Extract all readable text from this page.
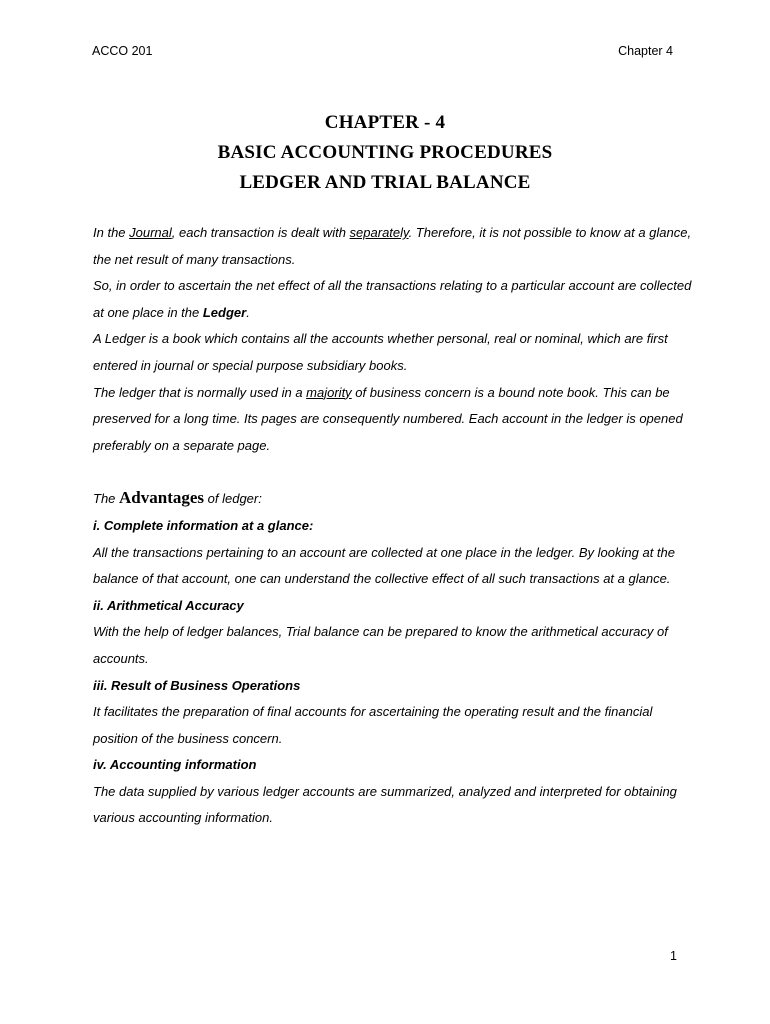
ACCO 201	Chapter 4
CHAPTER - 4
BASIC ACCOUNTING PROCEDURES
LEDGER AND TRIAL BALANCE

In the Journal, each transaction is dealt with separately. Therefore, it is not possible to know at a glance, the net result of many transactions.

So, in order to ascertain the net effect of all the transactions relating to a particular account are collected at one place in the Ledger.

A Ledger is a book which contains all the accounts whether personal, real or nominal, which are first entered in journal or special purpose subsidiary books.

The ledger that is normally used in a majority of business concern is a bound note book. This can be preserved for a long time. Its pages are consequently numbered. Each account in the ledger is opened preferably on a separate page.

The Advantages of ledger:

i. Complete information at a glance:

All the transactions pertaining to an account are collected at one place in the ledger. By looking at the balance of that account, one can understand the collective effect of all such transactions at a glance.

ii. Arithmetical Accuracy

With the help of ledger balances, Trial balance can be prepared to know the arithmetical accuracy of accounts.

iii. Result of Business Operations

It facilitates the preparation of final accounts for ascertaining the operating result and the financial position of the business concern.

iv. Accounting information

The data supplied by various ledger accounts are summarized, analyzed and interpreted for obtaining various accounting information.

1
